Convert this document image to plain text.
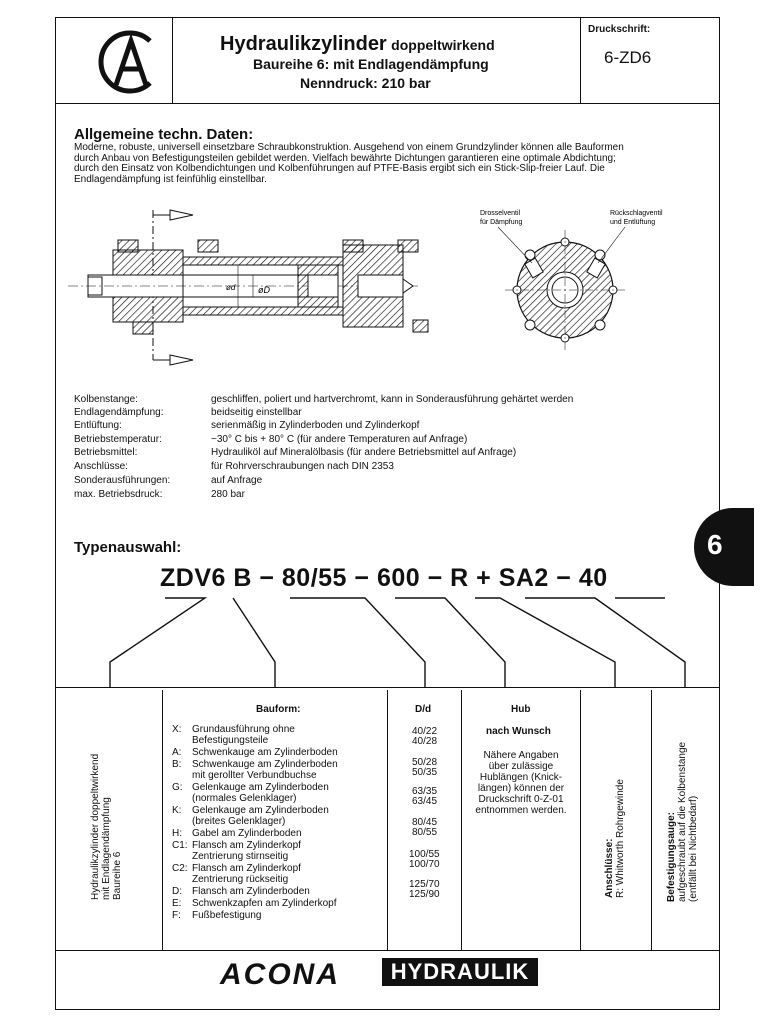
Hydraulikzylinder doppeltwirkend
Baureihe 6: mit Endlagendämpfung
Nenndruck: 210 bar
Druckschrift:
6-ZD6
Allgemeine techn. Daten:
Moderne, robuste, universell einsetzbare Schraubkonstruktion. Ausgehend von einem Grundzylinder können alle Bauformen
durch Anbau von Befestigungsteilen gebildet werden. Vielfach bewährte Dichtungen garantieren eine optimale Abdichtung;
durch den Einsatz von Kolbendichtungen und Kolbenführungen auf PTFE-Basis ergibt sich ein Stick-Slip-freier Lauf. Die
Endlagendämpfung ist feinfühlig einstellbar.
ød	øD
Drosselventil
für Dämpfung
Rückschlagventil
und Entlüftung
Kolbenstange:	geschliffen, poliert und hartverchromt, kann in Sonderausführung gehärtet werden
Endlagendämpfung:	beidseitig einstellbar
Entlüftung:	serienmäßig in Zylinderboden und Zylinderkopf
Betriebstemperatur:	−30° C bis + 80° C (für andere Temperaturen auf Anfrage)
Betriebsmittel:	Hydrauliköl auf Mineralölbasis (für andere Betriebsmittel auf Anfrage)
Anschlüsse:	für Rohrverschraubungen nach DIN 2353
Sonderausführungen:	auf Anfrage
max. Betriebsdruck:	280 bar
6
Typenauswahl:
ZDV6 B − 80/55 − 600 − R + SA2 − 40
Hydraulikzylinder doppeltwirkend mit Endlagendämpfung Baureihe 6
Bauform:
X:	Grundausführung ohne
Befestigungsteile
A:	Schwenkauge am Zylinderboden
B:	Schwenkauge am Zylinderboden
mit gerollter Verbundbuchse
G: Gelenkauge am Zylinderboden
(normales Gelenklager)
K:	Gelenkauge am Zylinderboden
(breites Gelenklager)
H:	Gabel am Zylinderboden
C1: Flansch am Zylinderkopf
Zentrierung stirnseitig
C2: Flansch am Zylinderkopf
Zentrierung rückseitig
D:	Flansch am Zylinderboden
E:	Schwenkzapfen am Zylinderkopf
F:	Fußbefestigung
D/d
40/22
40/28
50/28
50/35
63/35
63/45
80/45
80/55
100/55
100/70
125/70
125/90
Hub
nach Wunsch
Nähere Angaben
über zulässige
Hublängen (Knick-
längen) können der
Druckschrift 0-Z-01
entnommen werden.
Anschlüsse: R: Whitworth Rohrgewinde	Befestigungsauge: aufgeschraubt auf die Kolbenstange (entfällt bei Nichtbedarf)
ACONA	HYDRAULIK
